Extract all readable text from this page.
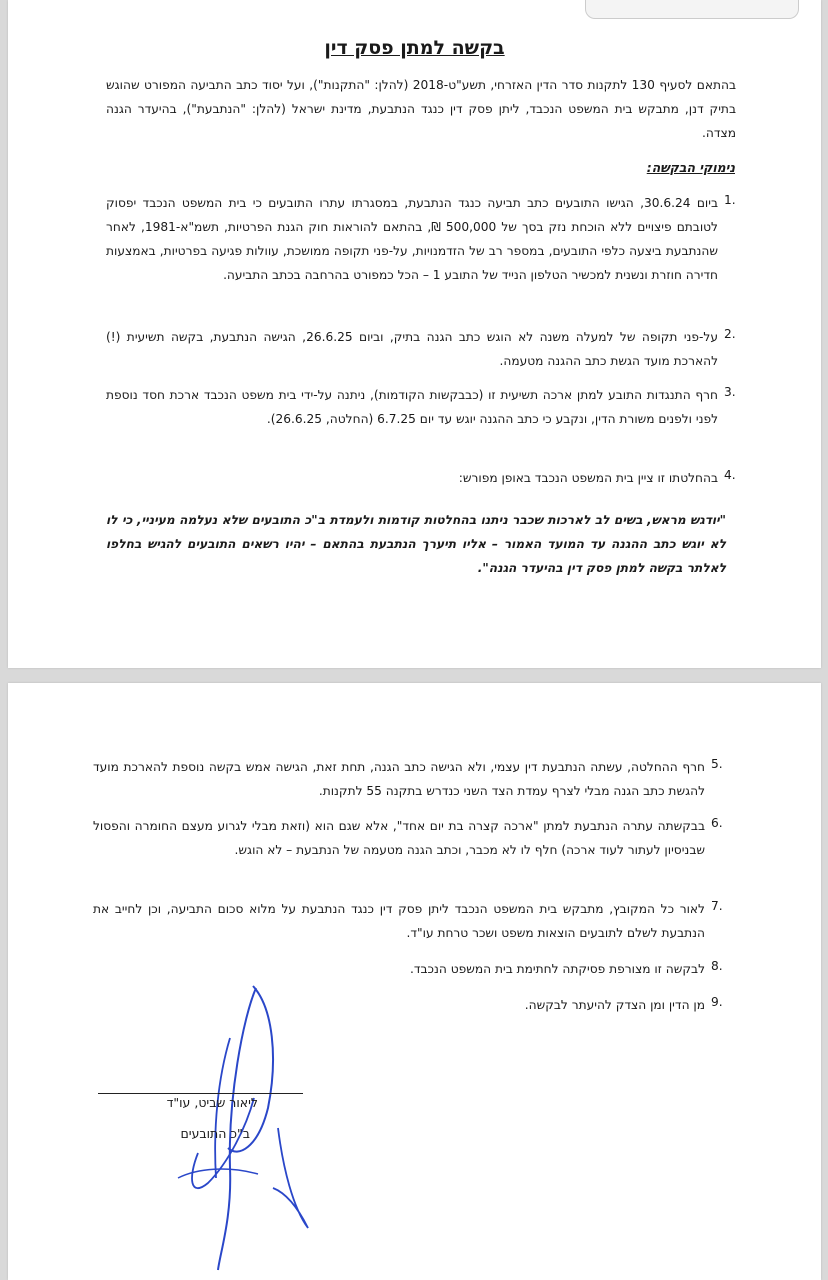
בקשה למתן פסק דין
בהתאם לסעיף 130 לתקנות סדר הדין האזרחי, תשע"ט-2018 (להלן: "התקנות"), ועל יסוד כתב התביעה המפורט שהוגש בתיק דנן, מתבקש בית המשפט הנכבד, ליתן פסק דין כנגד הנתבעת, מדינת ישראל (להלן: "הנתבעת"), בהיעדר הגנה מצדה.
נימוקי הבקשה:
1.
ביום 30.6.24, הגישו התובעים כתב תביעה כנגד הנתבעת, במסגרתו עתרו התובעים כי בית המשפט הנכבד יפסוק לטובתם פיצויים ללא הוכחת נזק בסך של 500,000 ₪, בהתאם להוראות חוק הגנת הפרטיות, תשמ"א-1981, לאחר שהנתבעת ביצעה כלפי התובעים, במספר רב של הזדמנויות, על-פני תקופה ממושכת, עוולות פגיעה בפרטיות, באמצעות חדירה חוזרת ונשנית למכשיר הטלפון הנייד של התובע 1 – הכל כמפורט בהרחבה בכתב התביעה.
2.
על-פני תקופה של למעלה משנה לא הוגש כתב הגנה בתיק, וביום 26.6.25, הגישה הנתבעת, בקשה תשיעית (!) להארכת מועד הגשת כתב ההגנה מטעמה.
3.
חרף התנגדות התובע למתן ארכה תשיעית זו (כבבקשות הקודמות), ניתנה על-ידי בית משפט הנכבד ארכת חסד נוספת לפני ולפנים משורת הדין, ונקבע כי כתב ההגנה יוגש עד יום 6.7.25 (החלטה, 26.6.25).
4.
בהחלטתו זו ציין בית המשפט הנכבד באופן מפורש:
"יודגש מראש, בשים לב לארכות שכבר ניתנו בהחלטות קודמות ולעמדת ב"כ התובעים שלא נעלמה מעיניי, כי לו לא יוגש כתב ההגנה עד המועד האמור – אליו תיערך הנתבעת בהתאם – יהיו רשאים התובעים להגיש בחלפו לאלתר בקשה למתן פסק דין בהיעדר הגנה".
5.
חרף ההחלטה, עשתה הנתבעת דין עצמי, ולא הגישה כתב הגנה, תחת זאת, הגישה אמש בקשה נוספת להארכת מועד להגשת כתב הגנה מבלי לצרף עמדת הצד השני כנדרש בתקנה 55 לתקנות.
6.
בבקשתה עתרה הנתבעת למתן "ארכה קצרה בת יום אחד", אלא שגם הוא (וזאת מבלי לגרוע מעצם החומרה והפסול שבניסיון לעתור לעוד ארכה) חלף לו לא מכבר, וכתב הגנה מטעמה של הנתבעת – לא הוגש.
7.
לאור כל המקובץ, מתבקש בית המשפט הנכבד ליתן פסק דין כנגד הנתבעת על מלוא סכום התביעה, וכן לחייב את הנתבעת לשלם לתובעים הוצאות משפט ושכר טרחת עו"ד.
8.
לבקשה זו מצורפת פסיקתה לחתימת בית המשפט הנכבד.
9.
מן הדין ומן הצדק להיעתר לבקשה.
ליאור שביט, עו"ד
ב"כ התובעים
